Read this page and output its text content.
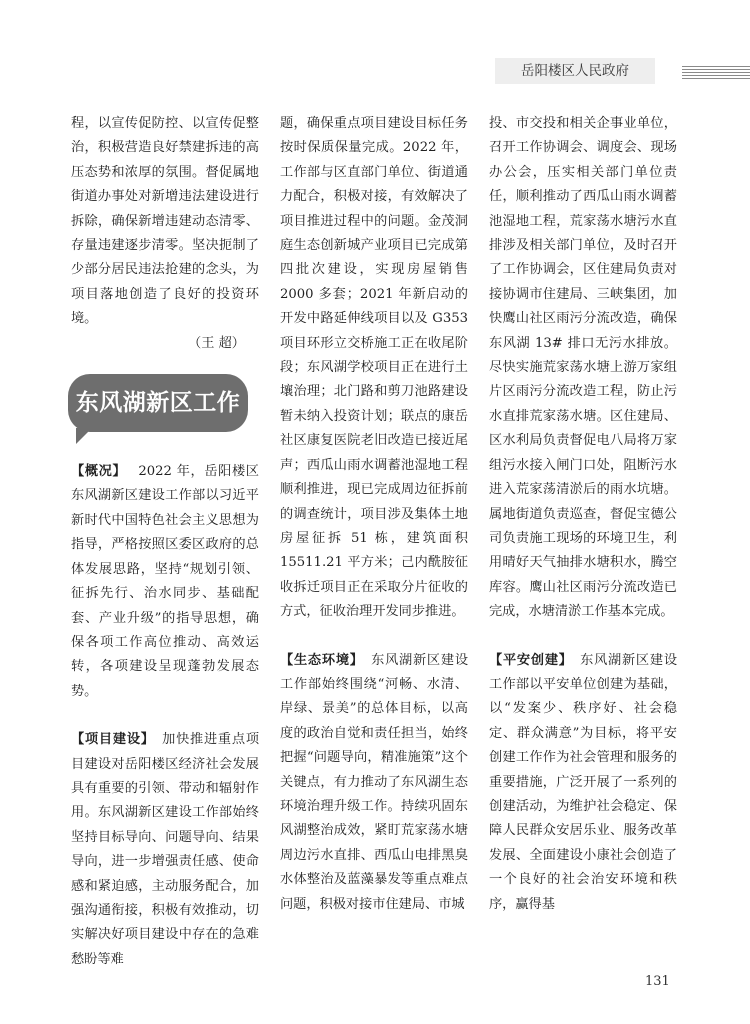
岳阳楼区人民政府

程，以宣传促防控、以宣传促整治，积极营造良好禁建拆违的高压态势和浓厚的氛围。督促属地街道办事处对新增违法建设进行拆除，确保新增违建动态清零、存量违建逐步清零。坚决扼制了少部分居民违法抢建的念头，为项目落地创造了良好的投资环境。

（王 超）

东风湖新区工作

【概况】　 2022 年，岳阳楼区东风湖新区建设工作部以习近平新时代中国特色社会主义思想为指导，严格按照区委区政府的总体发展思路，坚持“规划引领、征拆先行、治水同步、基础配套、产业升级”的指导思想，确保各项工作高位推动、高效运转，各项建设呈现蓬勃发展态势。

【项目建设】　 加快推进重点项目建设对岳阳楼区经济社会发展具有重要的引领、带动和辐射作用。东风湖新区建设工作部始终坚持目标导向、问题导向、结果导向，进一步增强责任感、使命感和紧迫感，主动服务配合，加强沟通衔接，积极有效推动，切实解决好项目建设中存在的急难愁盼等难

题，确保重点项目建设目标任务按时保质保量完成。2022 年，工作部与区直部门单位、街道通力配合，积极对接，有效解决了项目推进过程中的问题。金茂洞庭生态创新城产业项目已完成第四批次建设，实现房屋销售 2000 多套；2021 年新启动的开发中路延伸线项目以及 G353 项目环形立交桥施工正在收尾阶段；东风湖学校项目正在进行土壤治理；北门路和剪刀池路建设暂未纳入投资计划；联点的康岳社区康复医院老旧改造已接近尾声；西瓜山雨水调蓄池湿地工程顺利推进，现已完成周边征拆前的调查统计，项目涉及集体土地房屋征拆 51 栋，建筑面积 15511.21 平方米；己内酰胺征收拆迁项目正在采取分片征收的方式，征收治理开发同步推进。

【生态环境】　 东风湖新区建设工作部始终围绕“河畅、水清、岸绿、景美”的总体目标，以高度的政治自觉和责任担当，始终把握“问题导向，精准施策”这个关键点，有力推动了东风湖生态环境治理升级工作。持续巩固东风湖整治成效，紧盯荒家荡水塘周边污水直排、西瓜山电排黑臭水体整治及蓝藻暴发等重点难点问题，积极对接市住建局、市城

投、市交投和相关企事业单位，召开工作协调会、调度会、现场办公会，压实相关部门单位责任，顺利推动了西瓜山雨水调蓄池湿地工程，荒家荡水塘污水直排涉及相关部门单位，及时召开了工作协调会，区住建局负责对接协调市住建局、三峡集团，加快鹰山社区雨污分流改造，确保东风湖 13# 排口无污水排放。尽快实施荒家荡水塘上游万家组片区雨污分流改造工程，防止污水直排荒家荡水塘。区住建局、区水利局负责督促电八局将万家组污水接入闸门口处，阻断污水进入荒家荡清淤后的雨水坑塘。属地街道负责巡查，督促宝德公司负责施工现场的环境卫生，利用晴好天气抽排水塘积水，腾空库容。鹰山社区雨污分流改造已完成，水塘清淤工作基本完成。

【平安创建】　 东风湖新区建设工作部以平安单位创建为基础，以“发案少、秩序好、社会稳定、群众满意”为目标，将平安创建工作作为社会管理和服务的重要措施，广泛开展了一系列的创建活动，为维护社会稳定、保障人民群众安居乐业、服务改革发展、全面建设小康社会创造了一个良好的社会治安环境和秩序，赢得基

131
